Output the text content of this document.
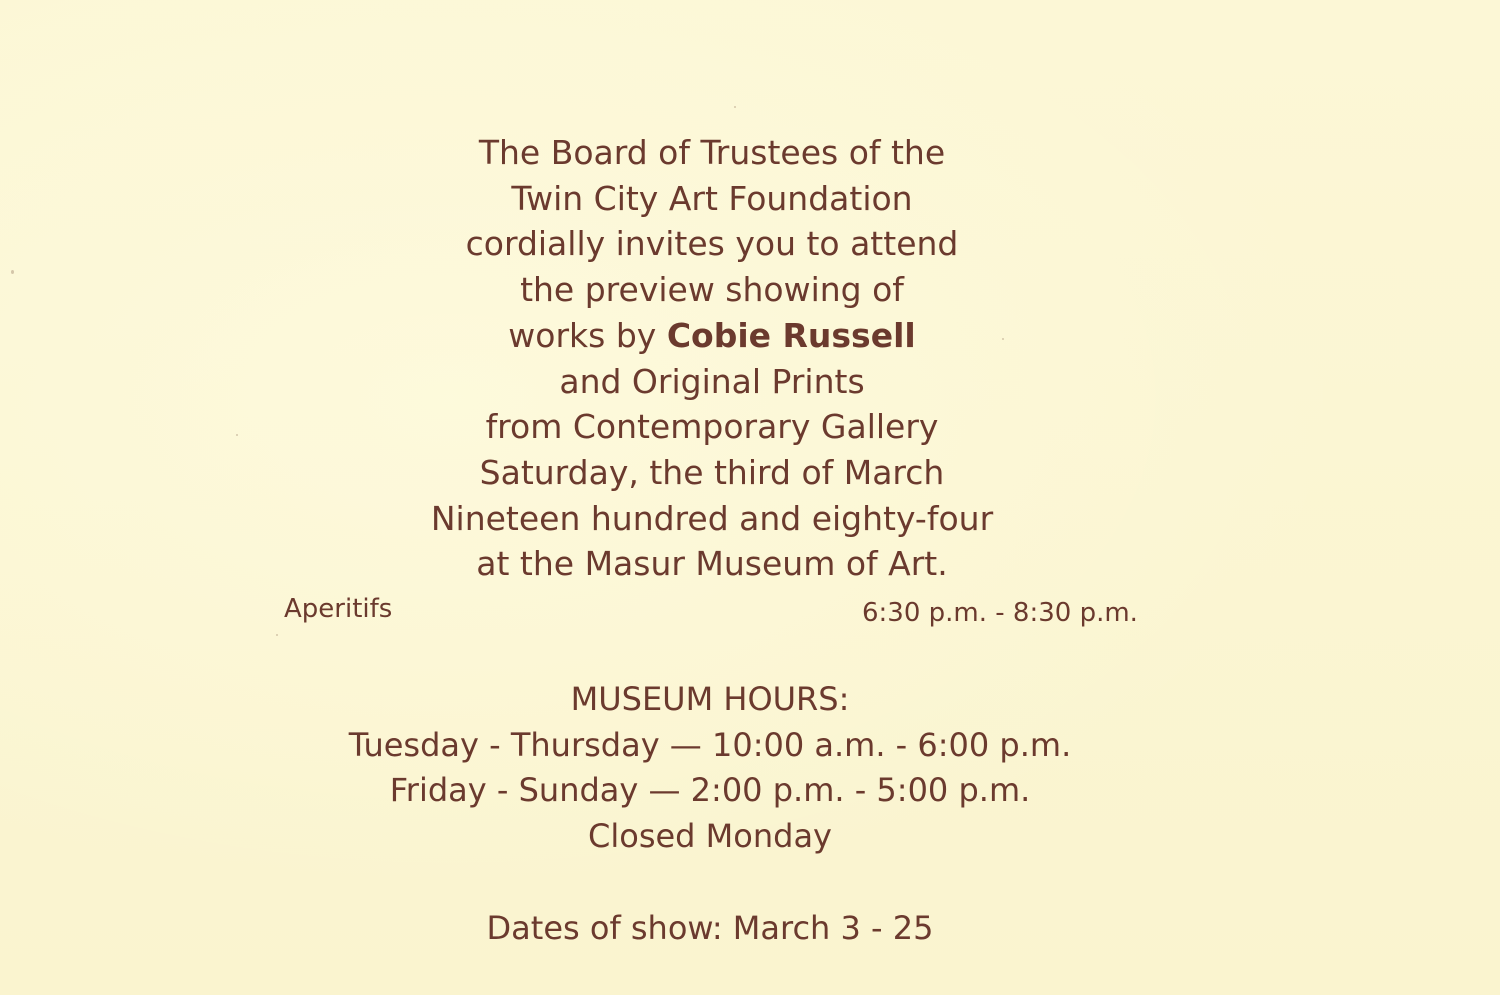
The Board of Trustees of the
Twin City Art Foundation
cordially invites you to attend
the preview showing of
works by Cobie Russell
and Original Prints
from Contemporary Gallery
Saturday, the third of March
Nineteen hundred and eighty-four
at the Masur Museum of Art.
Aperitifs	6:30 p.m. - 8:30 p.m.
MUSEUM HOURS:
Tuesday - Thursday — 10:00 a.m. - 6:00 p.m.
Friday - Sunday — 2:00 p.m. - 5:00 p.m.
Closed Monday
Dates of show: March 3 - 25
